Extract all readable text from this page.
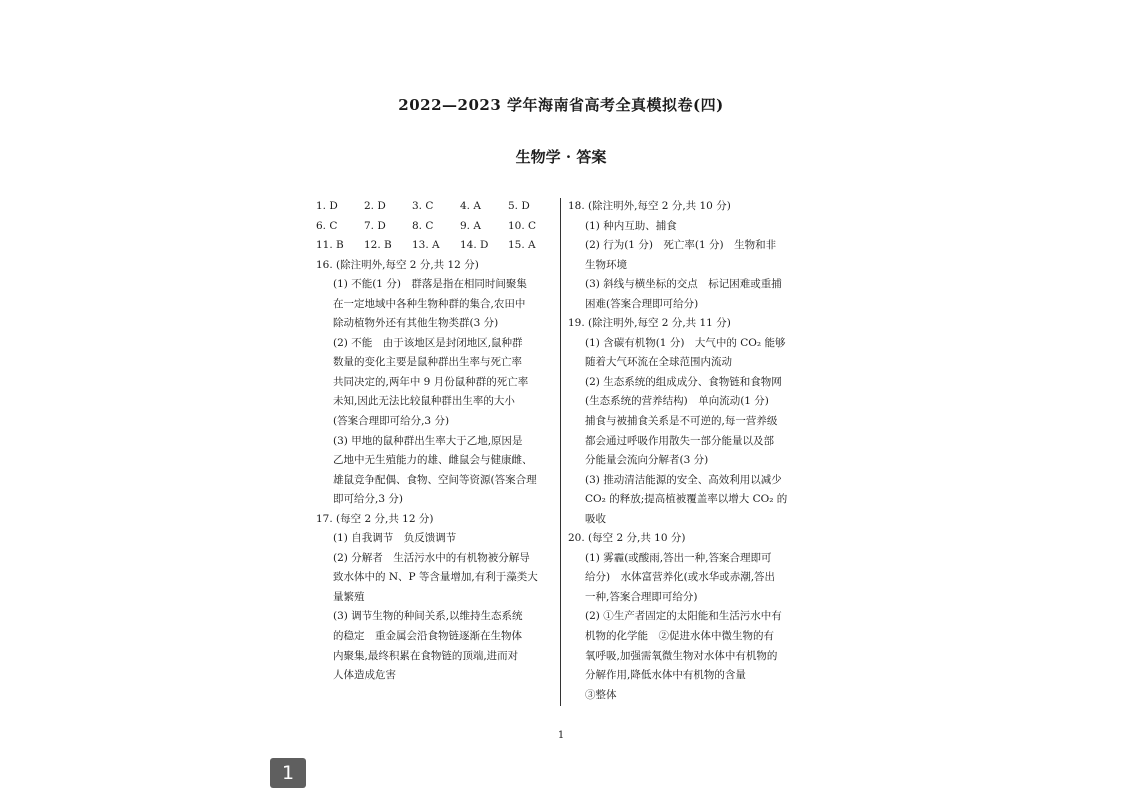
2022—2023 学年海南省高考全真模拟卷(四)
生物学 · 答案
1. D	2. D	3. C	4. A	5. D
6. C	7. D	8. C	9. A	10. C
11. B	12. B	13. A	14. D	15. A
16. (除注明外,每空 2 分,共 12 分)
(1) 不能(1 分)　群落是指在相同时间聚集
在一定地域中各种生物种群的集合,农田中
除动植物外还有其他生物类群(3 分)
(2) 不能　由于该地区是封闭地区,鼠种群
数量的变化主要是鼠种群出生率与死亡率
共同决定的,两年中 9 月份鼠种群的死亡率
未知,因此无法比较鼠种群出生率的大小
(答案合理即可给分,3 分)
(3) 甲地的鼠种群出生率大于乙地,原因是
乙地中无生殖能力的雄、雌鼠会与健康雌、
雄鼠竞争配偶、食物、空间等资源(答案合理
即可给分,3 分)
17. (每空 2 分,共 12 分)
(1) 自我调节　负反馈调节
(2) 分解者　生活污水中的有机物被分解导
致水体中的 N、P 等含量增加,有利于藻类大
量繁殖
(3) 调节生物的种间关系,以维持生态系统
的稳定　重金属会沿食物链逐渐在生物体
内聚集,最终积累在食物链的顶端,进而对
人体造成危害
18. (除注明外,每空 2 分,共 10 分)
(1) 种内互助、捕食
(2) 行为(1 分)　死亡率(1 分)　生物和非
生物环境
(3) 斜线与横坐标的交点　标记困难或重捕
困难(答案合理即可给分)
19. (除注明外,每空 2 分,共 11 分)
(1) 含碳有机物(1 分)　大气中的 CO₂ 能够
随着大气环流在全球范围内流动
(2) 生态系统的组成成分、食物链和食物网
(生态系统的营养结构)　单向流动(1 分)
捕食与被捕食关系是不可逆的,每一营养级
都会通过呼吸作用散失一部分能量以及部
分能量会流向分解者(3 分)
(3) 推动清洁能源的安全、高效利用以减少
CO₂ 的释放;提高植被覆盖率以增大 CO₂ 的
吸收
20. (每空 2 分,共 10 分)
(1) 雾霾(或酸雨,答出一种,答案合理即可
给分)　水体富营养化(或水华或赤潮,答出
一种,答案合理即可给分)
(2) ①生产者固定的太阳能和生活污水中有
机物的化学能　②促进水体中微生物的有
氧呼吸,加强需氧微生物对水体中有机物的
分解作用,降低水体中有机物的含量
③整体
1
1
